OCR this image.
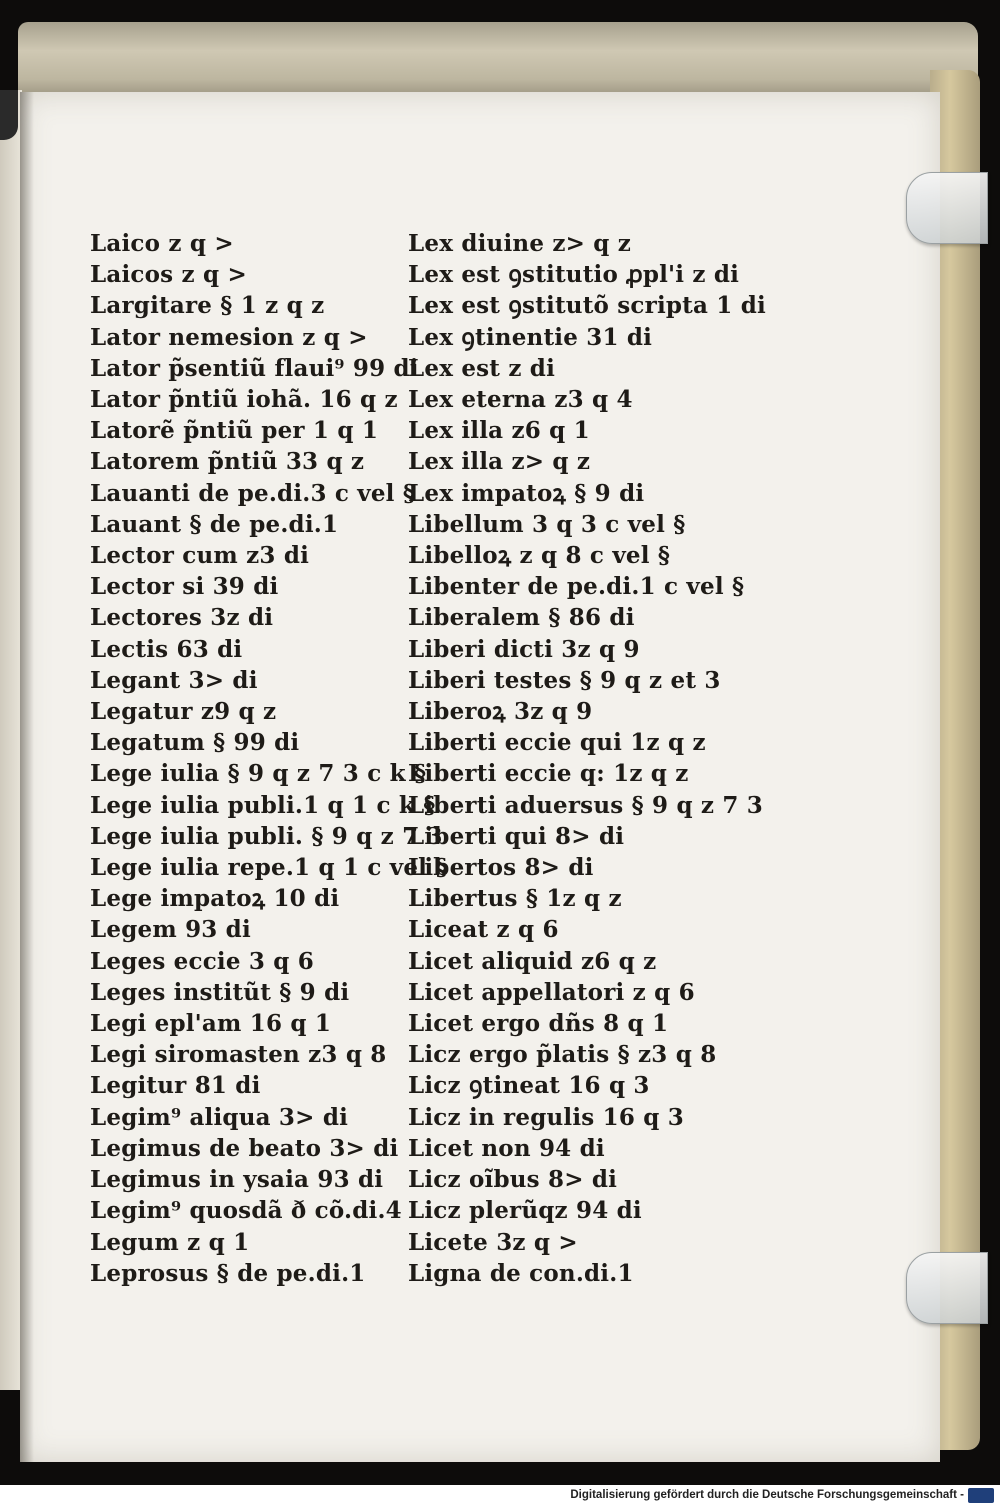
Laico z q >
Laicos z q >
Largitare § 1 z q z
Lator nemesion z q >
Lator p̃sentiũ flaui⁹ 99 di
Lator p̃ntiũ iohã. 16 q z
Latorẽ p̃ntiũ per 1 q 1
Latorem p̃ntiũ 33 q z
Lauanti de pe.di.3 c vel §
Lauant § de pe.di.1
Lector cum z3 di
Lector si 39 di
Lectores 3z di
Lectis 63 di
Legant 3> di
Legatur z9 q z
Legatum § 99 di
Lege iulia § 9 q z 7 3 c k §
Lege iulia publi.1 q 1 c k §
Lege iulia publi. § 9 q z 7 3
Lege iulia repe.1 q 1 c vel §
Lege impatoꝝ 10 di
Legem 93 di
Leges eccie 3 q 6
Leges institũt § 9 di
Legi epl'am 16 q 1
Legi siromasten z3 q 8
Legitur 81 di
Legim⁹ aliqua 3> di
Legimus de beato 3> di
Legimus in ysaia 93 di
Legim⁹ quosdã ð cõ.di.4
Legum z q 1
Leprosus § de pe.di.1
Lex diuine z> q z
Lex est ꝯstitutio ꝓpl'i z di
Lex est ꝯstitutõ scripta 1 di
Lex ꝯtinentie 31 di
Lex est z di
Lex eterna z3 q 4
Lex illa z6 q 1
Lex illa z> q z
Lex impatoꝝ § 9 di
Libellum 3 q 3 c vel §
Libelloꝝ z q 8 c vel §
Libenter de pe.di.1 c vel §
Liberalem § 86 di
Liberi dicti 3z q 9
Liberi testes § 9 q z et 3
Liberoꝝ 3z q 9
Liberti eccie qui 1z q z
Liberti eccie q: 1z q z
Liberti aduersus § 9 q z 7 3
Liberti qui 8> di
Libertos 8> di
Libertus § 1z q z
Liceat z q 6
Licet aliquid z6 q z
Licet appellatori z q 6
Licet ergo dñs 8 q 1
Licz ergo p̃latis § z3 q 8
Licz ꝯtineat 16 q 3
Licz in regulis 16 q 3
Licet non 94 di
Licz oĩbus 8> di
Licz plerũqz 94 di
Licete 3z q >
Ligna de con.di.1
Digitalisierung gefördert durch die Deutsche Forschungsgemeinschaft -
